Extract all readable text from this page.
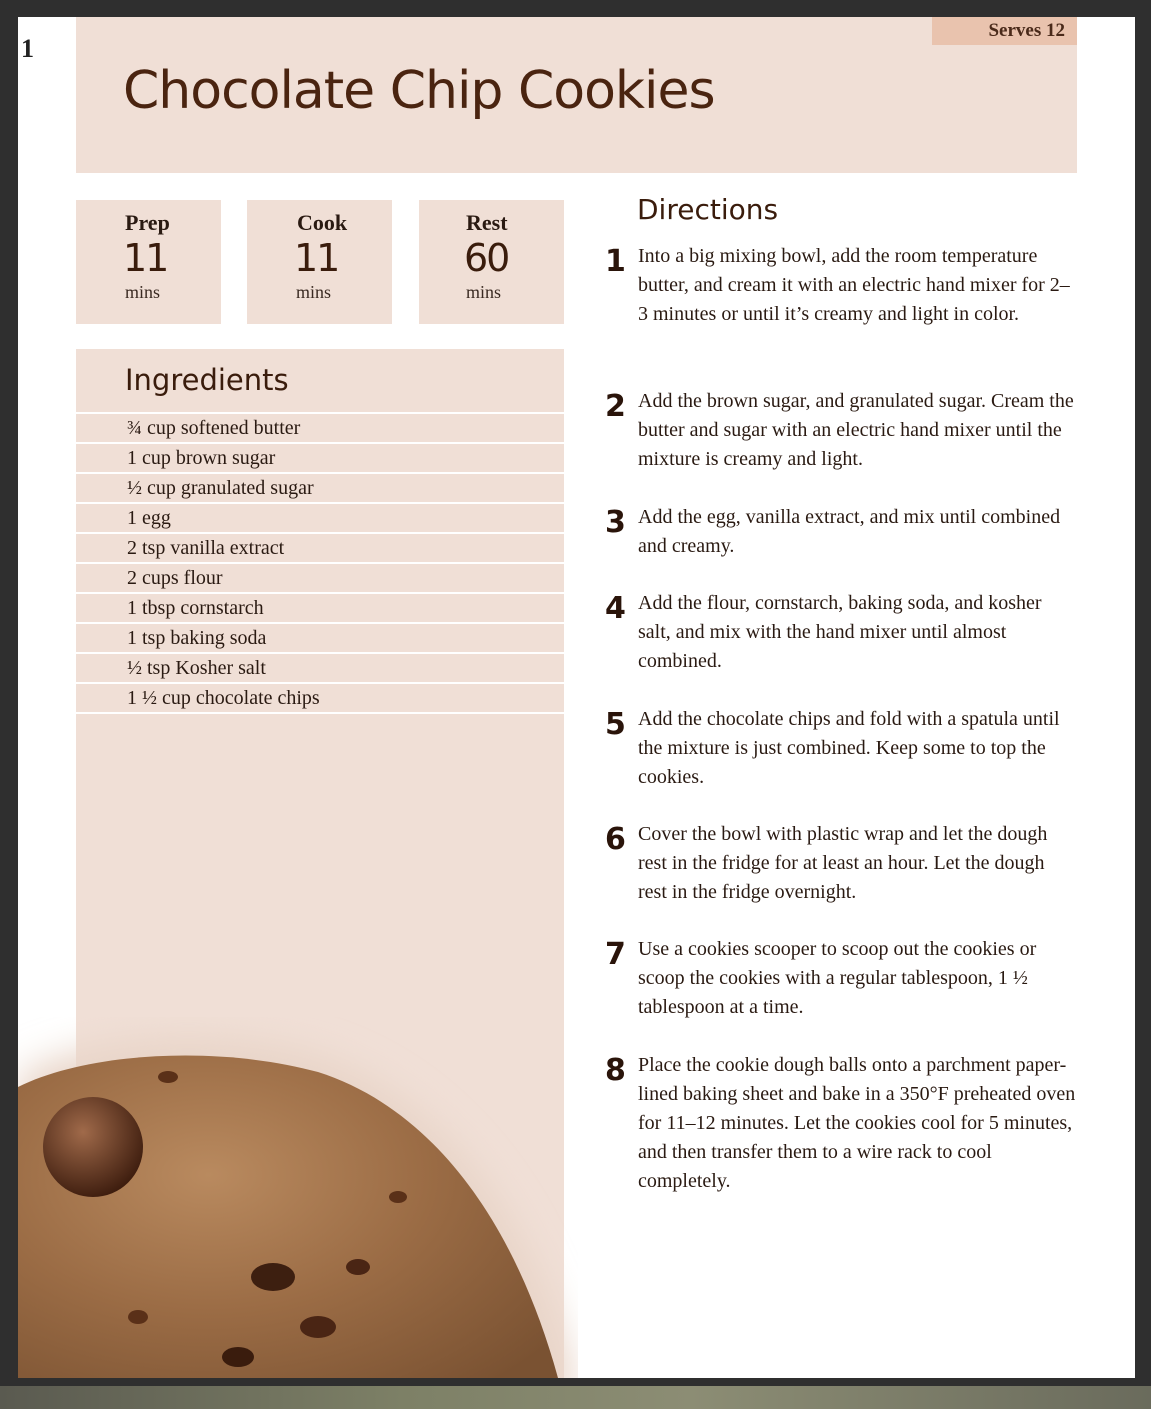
Serves 12
Chocolate Chip Cookies
Prep
11
mins
Cook
11
mins
Rest
60
mins
Ingredients
¾ cup softened butter
1 cup brown sugar
½ cup granulated sugar
1 egg
2 tsp vanilla extract
2 cups flour
1 tbsp cornstarch
1 tsp baking soda
½ tsp Kosher salt
1 ½ cup chocolate chips
Directions
1 Into a big mixing bowl, add the room temperature butter, and cream it with an electric hand mixer for 2–3 minutes or until it’s creamy and light in color.
2 Add the brown sugar, and granulated sugar. Cream the butter and sugar with an electric hand mixer until the mixture is creamy and light.
3 Add the egg, vanilla extract, and mix until combined and creamy.
4 Add the flour, cornstarch, baking soda, and kosher salt, and mix with the hand mixer until almost combined.
5 Add the chocolate chips and fold with a spatula until the mixture is just combined. Keep some to top the cookies.
6 Cover the bowl with plastic wrap and let the dough rest in the fridge for at least an hour. Let the dough rest in the fridge overnight.
7 Use a cookies scooper to scoop out the cookies or scoop the cookies with a regular tablespoon, 1 ½ tablespoon at a time.
8 Place the cookie dough balls onto a parchment paper-lined baking sheet and bake in a 350°F preheated oven for 11–12 minutes. Let the cookies cool for 5 minutes, and then transfer them to a wire rack to cool completely.
1
